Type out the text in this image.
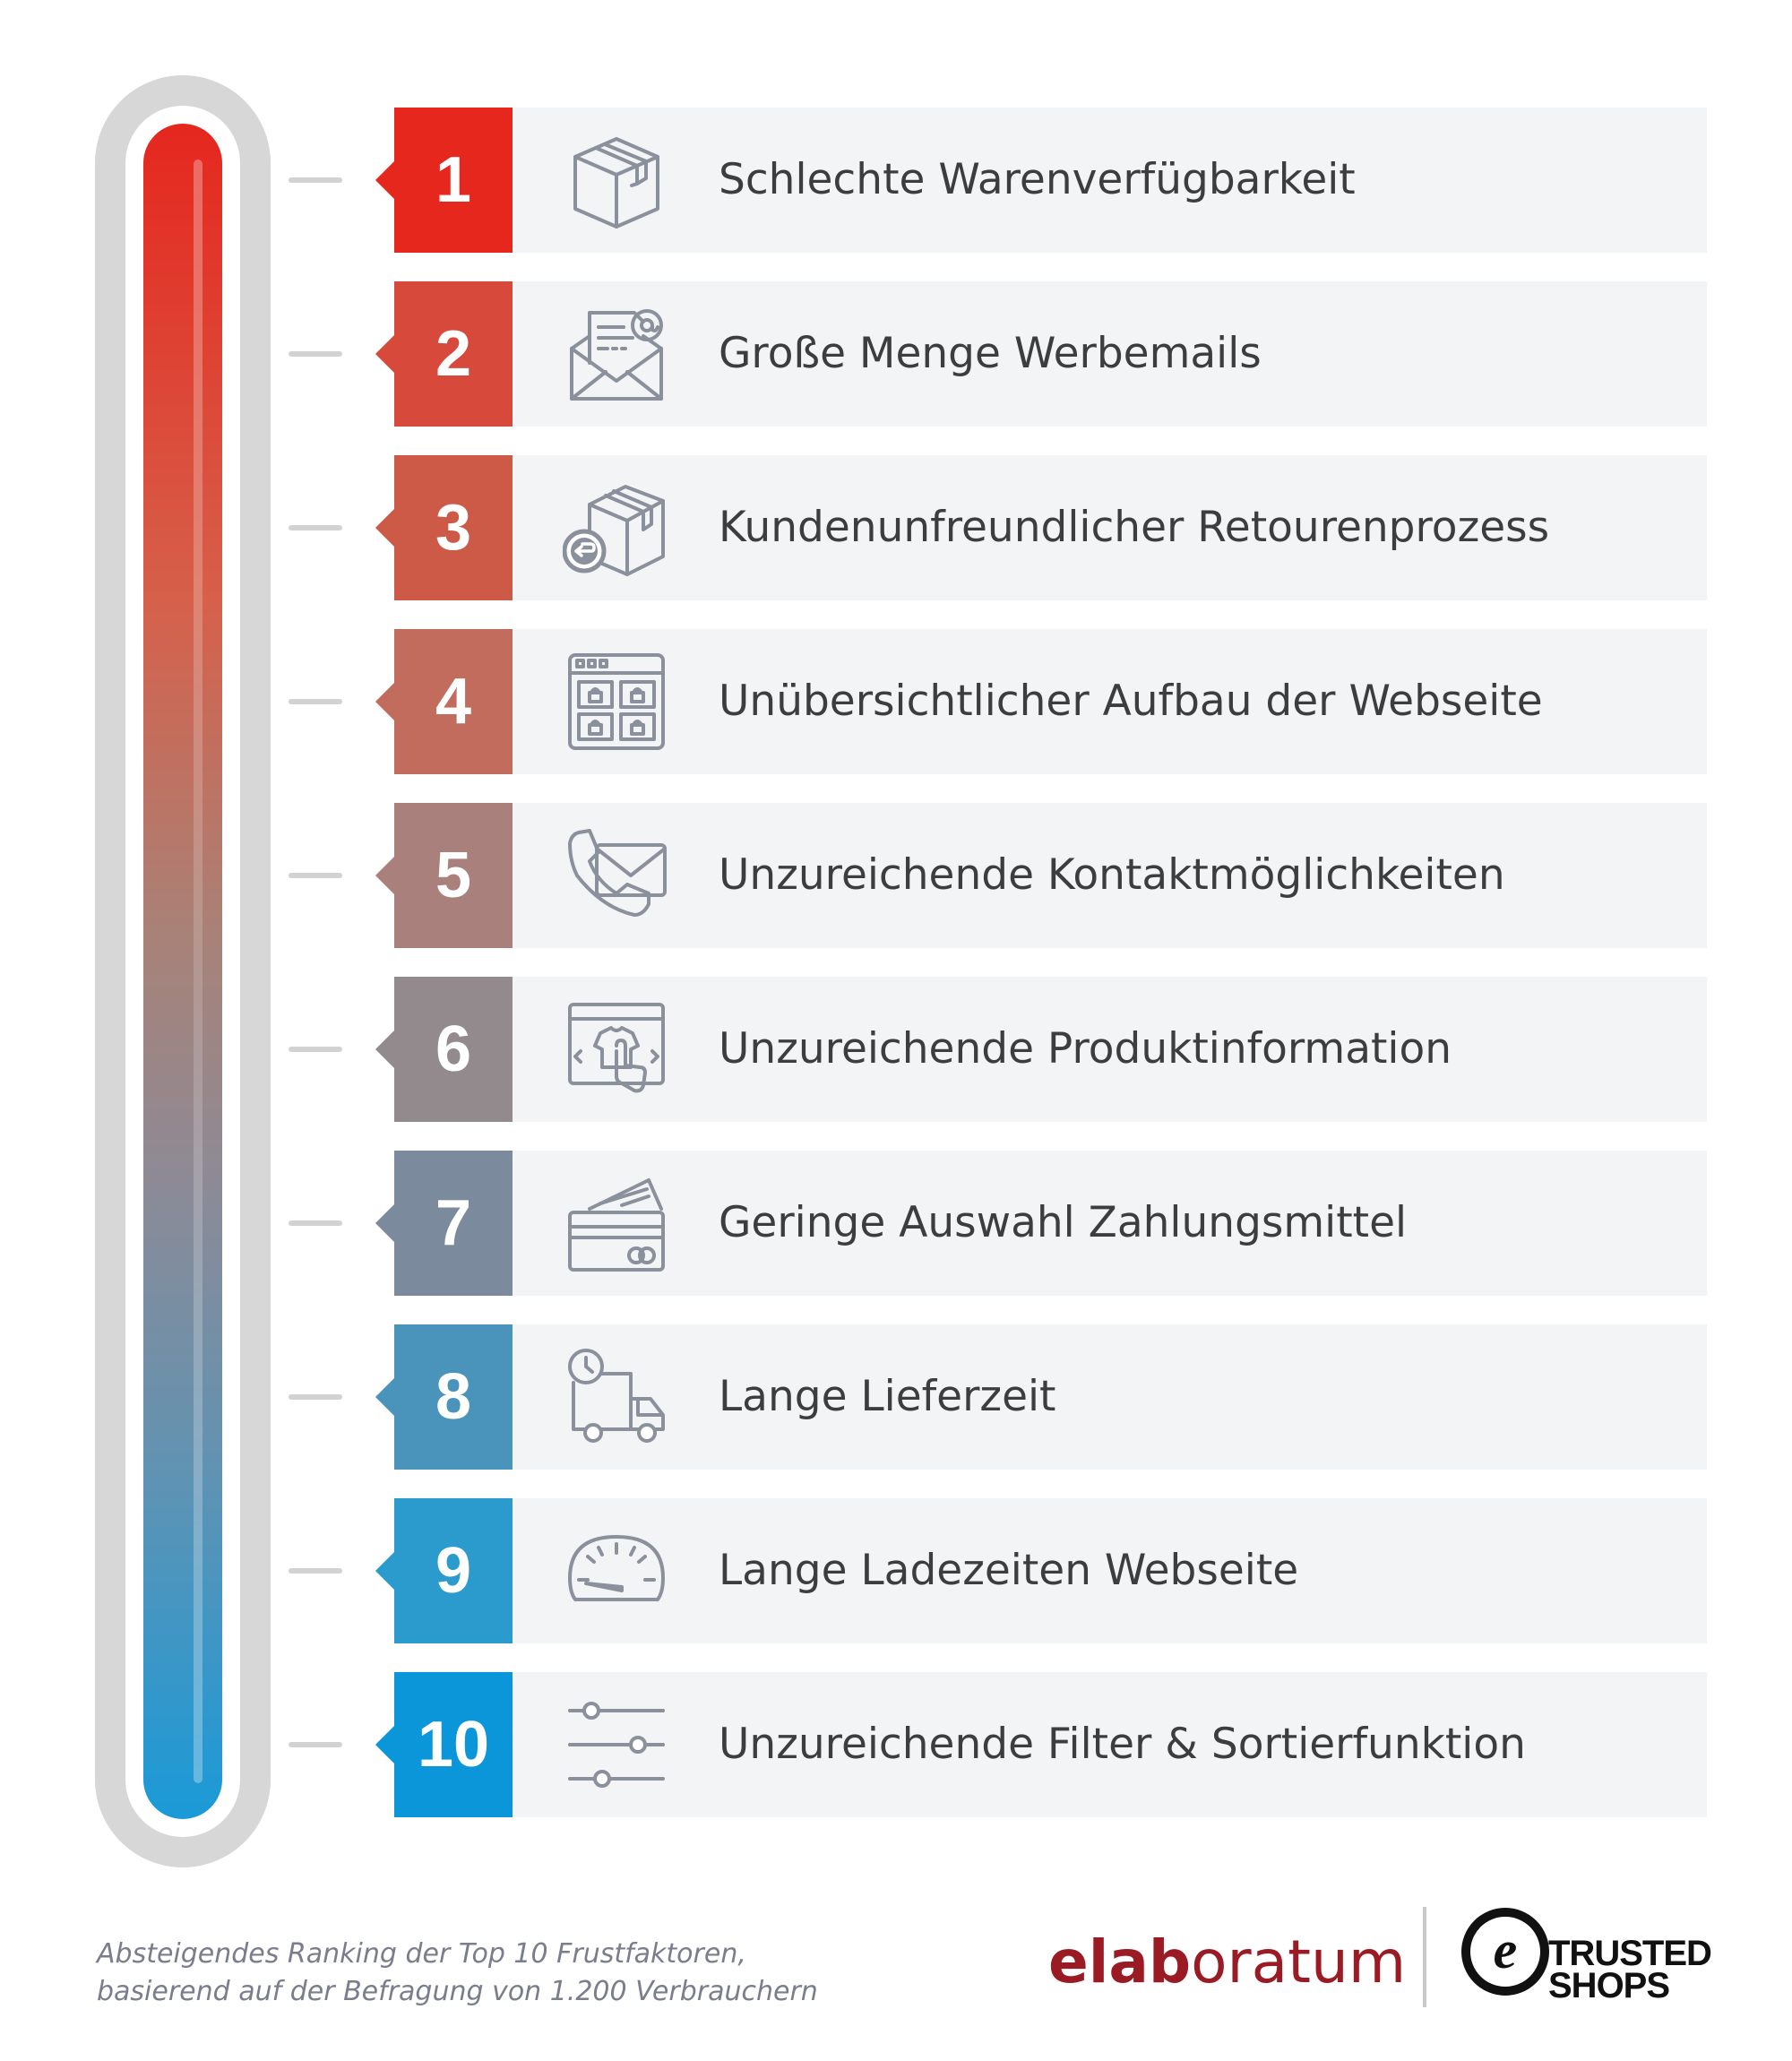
1	Schlechte Warenverfügbarkeit
2	Große Menge Werbemails
3	Kundenunfreundlicher Retourenprozess
4	Unübersichtlicher Aufbau der Webseite
5	Unzureichende Kontaktmöglichkeiten
6	Unzureichende Produktinformation
7	Geringe Auswahl Zahlungsmittel
8	Lange Lieferzeit
9	Lange Ladezeiten Webseite
10	Unzureichende Filter & Sortierfunktion
Absteigendes Ranking der Top 10 Frustfaktoren,
basierend auf der Befragung von 1.200 Verbrauchern	elaboratum e TRUSTED
SHOPS
